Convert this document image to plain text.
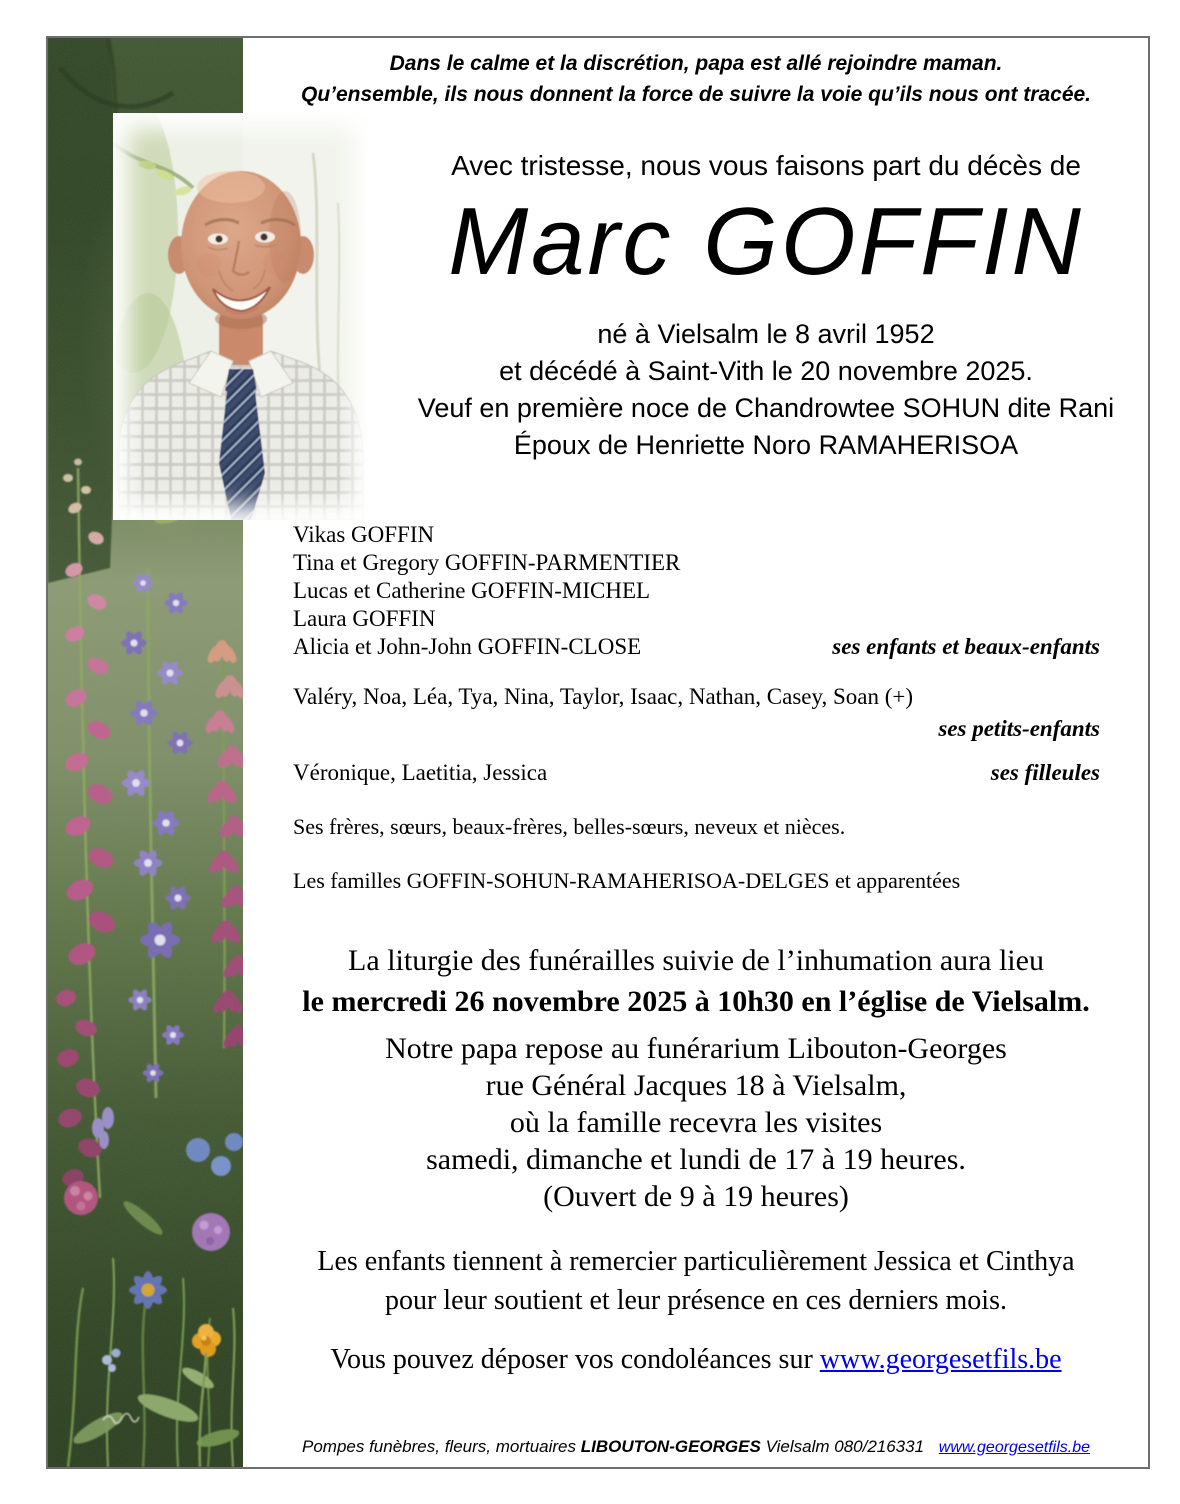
Dans le calme et la discrétion, papa est allé rejoindre maman.
Qu’ensemble, ils nous donnent la force de suivre la voie qu’ils nous ont tracée.
Avec tristesse, nous vous faisons part du décès de
Marc GOFFIN
né à Vielsalm le 8 avril 1952
et décédé à Saint-Vith le 20 novembre 2025.
Veuf en première noce de Chandrowtee SOHUN dite Rani
Époux de Henriette Noro RAMAHERISOA
Vikas GOFFIN
Tina et Gregory GOFFIN-PARMENTIER
Lucas et Catherine GOFFIN-MICHEL
Laura GOFFIN
Alicia et John-John GOFFIN-CLOSE	ses enfants et beaux-enfants
Valéry, Noa, Léa, Tya, Nina, Taylor, Isaac, Nathan, Casey, Soan (+)
ses petits-enfants
Véronique, Laetitia, Jessica	ses filleules
Ses frères, sœurs, beaux-frères, belles-sœurs, neveux et nièces.
Les familles GOFFIN-SOHUN-RAMAHERISOA-DELGES et apparentées
La liturgie des funérailles suivie de l’inhumation aura lieu
le mercredi 26 novembre 2025 à 10h30 en l’église de Vielsalm.
Notre papa repose au funérarium Libouton-Georges
rue Général Jacques 18 à Vielsalm,
où la famille recevra les visites
samedi, dimanche et lundi de 17 à 19 heures.
(Ouvert de 9 à 19 heures)
Les enfants tiennent à remercier particulièrement Jessica et Cinthya
pour leur soutient et leur présence en ces derniers mois.
Vous pouvez déposer vos condoléances sur www.georgesetfils.be
Pompes funèbres, fleurs, mortuaires LIBOUTON-GEORGES Vielsalm 080/216331 www.georgesetfils.be
